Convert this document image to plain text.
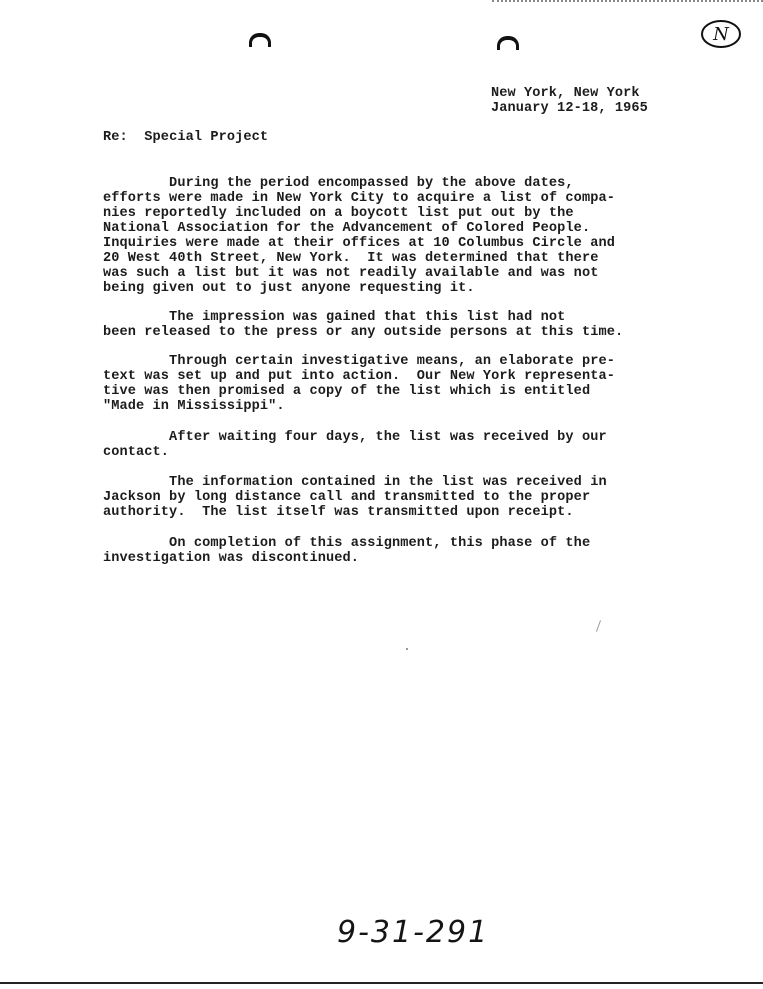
N
New York, New York
January 12-18, 1965
Re: Special Project
During the period encompassed by the above dates,
efforts were made in New York City to acquire a list of compa-
nies reportedly included on a boycott list put out by the
National Association for the Advancement of Colored People.
Inquiries were made at their offices at 10 Columbus Circle and
20 West 40th Street, New York.  It was determined that there
was such a list but it was not readily available and was not
being given out to just anyone requesting it.
The impression was gained that this list had not
been released to the press or any outside persons at this time.
Through certain investigative means, an elaborate pre-
text was set up and put into action.  Our New York representa-
tive was then promised a copy of the list which is entitled
"Made in Mississippi".
After waiting four days, the list was received by our
contact.
The information contained in the list was received in
Jackson by long distance call and transmitted to the proper
authority.  The list itself was transmitted upon receipt.
On completion of this assignment, this phase of the
investigation was discontinued.
9-31-291
